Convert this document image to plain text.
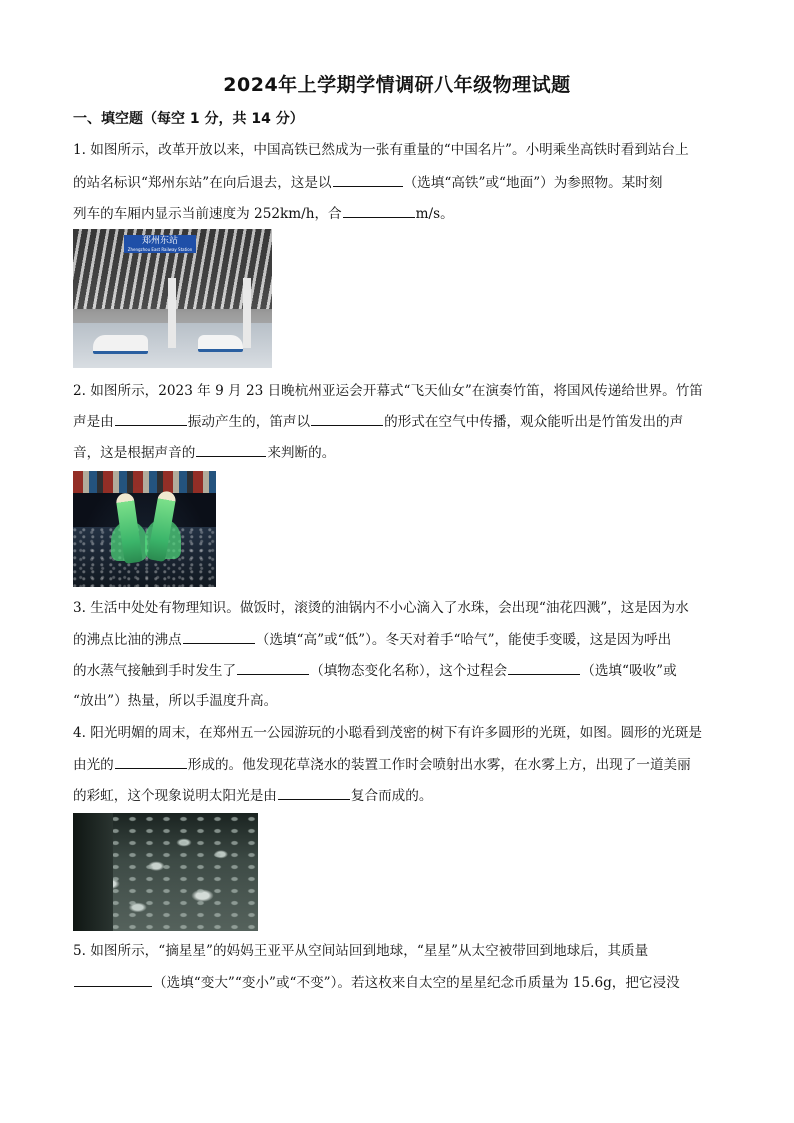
2024年上学期学情调研八年级物理试题
一、填空题（每空 1 分，共 14 分）
1. 如图所示，改革开放以来，中国高铁已然成为一张有重量的“中国名片”。小明乘坐高铁时看到站台上
的站名标识“郑州东站”在向后退去，这是以	（选填“高铁”或“地面”）为参照物。某时刻
列车的车厢内显示当前速度为 252km/h，合	m/s。
郑州东站
Zhengzhou East Railway Station
2. 如图所示，2023 年 9 月 23 日晚杭州亚运会开幕式“飞天仙女”在演奏竹笛，将国风传递给世界。竹笛
声是由	振动产生的，笛声以	的形式在空气中传播，观众能听出是竹笛发出的声
音，这是根据声音的	来判断的。
3. 生活中处处有物理知识。做饭时，滚烫的油锅内不小心滴入了水珠，会出现“油花四溅”，这是因为水
的沸点比油的沸点	（选填“高”或“低”）。冬天对着手“哈气”，能使手变暖，这是因为呼出
的水蒸气接触到手时发生了	（填物态变化名称），这个过程会	（选填“吸收”或
“放出”）热量，所以手温度升高。
4. 阳光明媚的周末，在郑州五一公园游玩的小聪看到茂密的树下有许多圆形的光斑，如图。圆形的光斑是
由光的	形成的。他发现花草浇水的装置工作时会喷射出水雾，在水雾上方，出现了一道美丽
的彩虹，这个现象说明太阳光是由	复合而成的。
5. 如图所示，“摘星星”的妈妈王亚平从空间站回到地球，“星星”从太空被带回到地球后，其质量
（选填“变大”“变小”或“不变”）。若这枚来自太空的星星纪念币质量为 15.6g，把它浸没
